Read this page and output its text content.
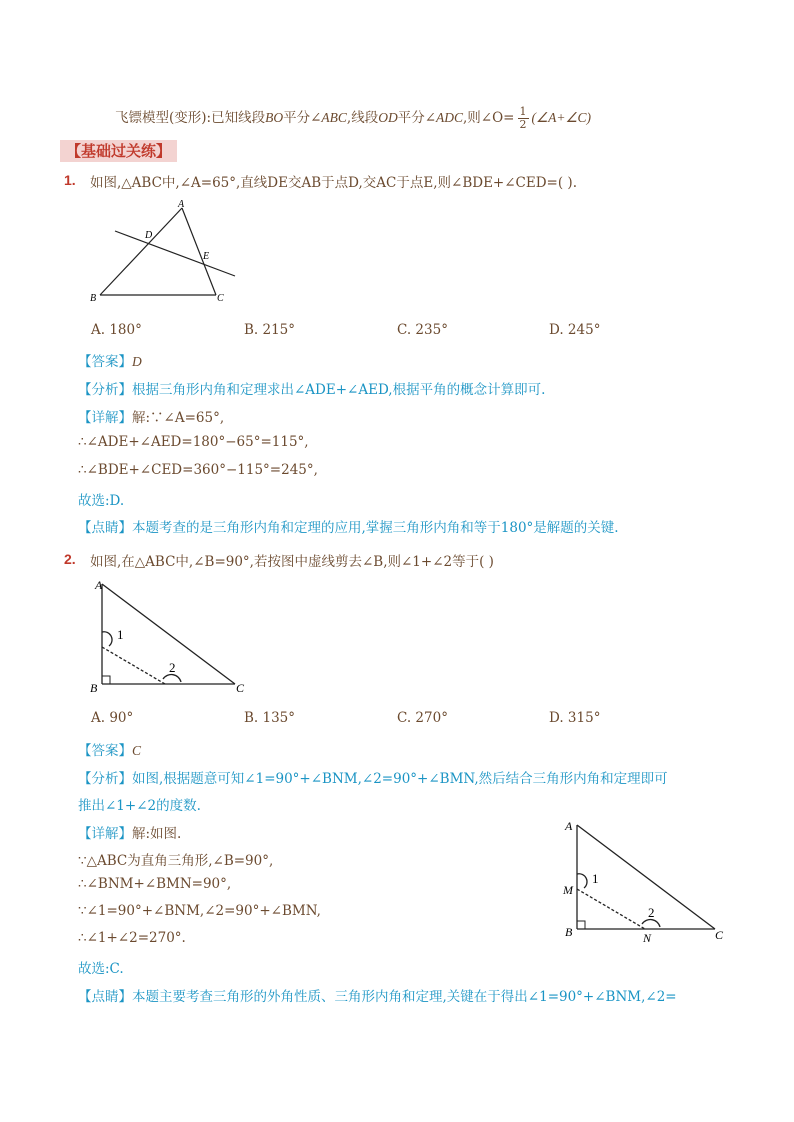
飞镖模型(变形):已知线段BO平分∠ABC,线段OD平分∠ADC,则∠O= $\frac{1}{2}$ (∠A+∠C)
【基础过关练】
1. 如图,△ABC中,∠A=65°,直线DE交AB于点D,交AC于点E,则∠BDE+∠CED=( ).
A
D
E
B	C
A. 180°	B. 215°	C. 235°	D. 245°
【答案】D
【分析】根据三角形内角和定理求出∠ADE+∠AED,根据平角的概念计算即可.
【详解】解:∵∠A=65°,
∴∠ADE+∠AED=180°−65°=115°,
∴∠BDE+∠CED=360°−115°=245°,
故选:D.
【点睛】本题考查的是三角形内角和定理的应用,掌握三角形内角和等于180°是解题的关键.
2. 如图,在△ABC中,∠B=90°,若按图中虚线剪去∠B,则∠1+∠2等于( )
A
1
2
B	C
A. 90°	B. 135°	C. 270°	D. 315°
【答案】C
【分析】如图,根据题意可知∠1=90°+∠BNM,∠2=90°+∠BMN,然后结合三角形内角和定理即可
推出∠1+∠2的度数.
【详解】解:如图.
∵△ABC为直角三角形,∠B=90°,
∴∠BNM+∠BMN=90°,
∵∠1=90°+∠BNM,∠2=90°+∠BMN,
∴∠1+∠2=270°.
故选:C.
A
1
M
2
B	N	C
【点睛】本题主要考查三角形的外角性质、三角形内角和定理,关键在于得出∠1=90°+∠BNM,∠2=
